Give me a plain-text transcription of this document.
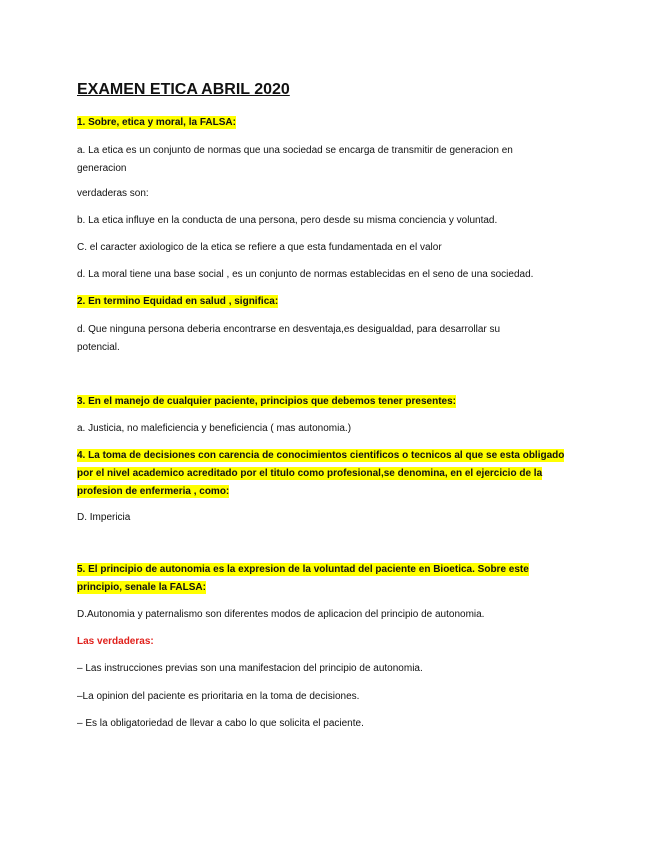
EXAMEN ETICA ABRIL 2020
1. Sobre, etica y moral, la FALSA:
a. La etica es un conjunto de normas que una sociedad se encarga de transmitir de generacion en
generacion
verdaderas son:
b. La etica influye en la conducta de una persona, pero desde su misma conciencia y voluntad.
C. el caracter axiologico de la etica se refiere a que esta fundamentada en el valor
d. La moral tiene una base social , es un conjunto de normas establecidas en el seno de una sociedad.
2. En termino Equidad en salud , significa:
d. Que ninguna persona deberia encontrarse en desventaja,es desigualdad, para desarrollar su
potencial.
3. En el manejo de cualquier paciente, principios que debemos tener presentes:
a. Justicia, no maleficiencia y beneficiencia ( mas autonomia.)
4. La toma de decisiones con carencia de conocimientos cientificos o tecnicos al que se esta obligado
por el nivel academico acreditado por el titulo como profesional,se denomina, en el ejercicio de la
profesion de enfermeria , como:
D. Impericia
5. El principio de autonomia es la expresion de la voluntad del paciente en Bioetica. Sobre este
principio, senale la FALSA:
D.Autonomia y paternalismo son diferentes modos de aplicacion del principio de autonomia.
Las verdaderas:
– Las instrucciones previas son una manifestacion del principio de autonomia.
–La opinion del paciente es prioritaria en la toma de decisiones.
– Es la obligatoriedad de llevar a cabo lo que solicita el paciente.
